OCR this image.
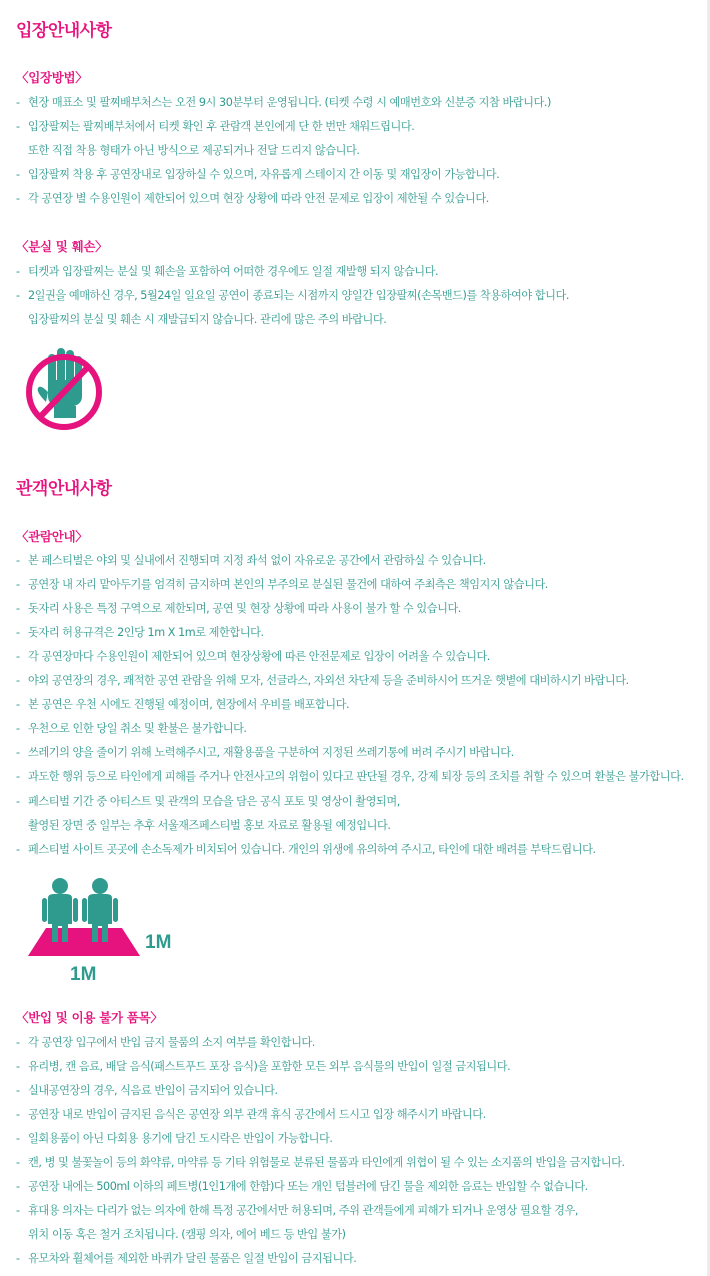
입장안내사항
〈입장방법〉
- 현장 매표소 및 팔찌배부처스는 오전 9시 30분부터 운영됩니다. (티켓 수령 시 예매번호와 신분증 지참 바랍니다.)
- 입장팔찌는 팔찌배부처에서 티켓 확인 후 관람객 본인에게 단 한 번만 채워드립니다.
또한 직접 착용 형태가 아닌 방식으로 제공되거나 전달 드리지 않습니다.
- 입장팔찌 착용 후 공연장내로 입장하실 수 있으며, 자유롭게 스테이지 간 이동 및 재입장이 가능합니다.
- 각 공연장 별 수용인원이 제한되어 있으며 현장 상황에 따라 안전 문제로 입장이 제한될 수 있습니다.
〈분실 및 훼손〉
- 티켓과 입장팔찌는 분실 및 훼손을 포함하여 어떠한 경우에도 일절 재발행 되지 않습니다.
- 2일권을 예매하신 경우, 5월24일 일요일 공연이 종료되는 시점까지 양일간 입장팔찌(손목밴드)를 착용하여야 합니다.
입장팔찌의 분실 및 훼손 시 재발급되지 않습니다. 관리에 많은 주의 바랍니다.
관객안내사항
〈관람안내〉
- 본 페스티벌은 야외 및 실내에서 진행되며 지정 좌석 없이 자유로운 공간에서 관람하실 수 있습니다.
- 공연장 내 자리 맡아두기를 엄격히 금지하며 본인의 부주의로 분실된 물건에 대하여 주최측은 책임지지 않습니다.
- 돗자리 사용은 특정 구역으로 제한되며, 공연 및 현장 상황에 따라 사용이 불가 할 수 있습니다.
- 돗자리 허용규격은 2인당 1m X 1m로 제한합니다.
- 각 공연장마다 수용인원이 제한되어 있으며 현장상황에 따른 안전문제로 입장이 어려울 수 있습니다.
- 야외 공연장의 경우, 쾌적한 공연 관람을 위해 모자, 선글라스, 자외선 차단제 등을 준비하시어 뜨거운 햇볕에 대비하시기 바랍니다.
- 본 공연은 우천 시에도 진행될 예정이며, 현장에서 우비를 배포합니다.
- 우천으로 인한 당일 취소 및 환불은 불가합니다.
- 쓰레기의 양을 줄이기 위해 노력해주시고, 재활용품을 구분하여 지정된 쓰레기통에 버려 주시기 바랍니다.
- 과도한 행위 등으로 타인에게 피해를 주거나 안전사고의 위험이 있다고 판단될 경우, 강제 퇴장 등의 조치를 취할 수 있으며 환불은 불가합니다.
- 페스티벌 기간 중 아티스트 및 관객의 모습을 담은 공식 포토 및 영상이 촬영되며,
촬영된 장면 중 일부는 추후 서울재즈페스티벌 홍보 자료로 활용될 예정입니다.
- 페스티벌 사이트 곳곳에 손소독제가 비치되어 있습니다. 개인의 위생에 유의하여 주시고, 타인에 대한 배려를 부탁드립니다.
1M
1M
〈반입 및 이용 불가 품목〉
- 각 공연장 입구에서 반입 금지 물품의 소지 여부를 확인합니다.
- 유리병, 캔 음료, 배달 음식(패스트푸드 포장 음식)을 포함한 모든 외부 음식물의 반입이 일절 금지됩니다.
- 실내공연장의 경우, 식음료 반입이 금지되어 있습니다.
- 공연장 내로 반입이 금지된 음식은 공연장 외부 관객 휴식 공간에서 드시고 입장 해주시기 바랍니다.
- 일회용품이 아닌 다회용 용기에 담긴 도시락은 반입이 가능합니다.
- 캔, 병 및 불꽃놀이 등의 화약류, 마약류 등 기타 위험물로 분류된 물품과 타인에게 위협이 될 수 있는 소지품의 반입을 금지합니다.
- 공연장 내에는 500ml 이하의 페트병(1인1개에 한함)다 또는 개인 텀블러에 담긴 물을 제외한 음료는 반입할 수 없습니다.
- 휴대용 의자는 다리가 없는 의자에 한해 특정 공간에서만 허용되며, 주위 관객들에게 피해가 되거나 운영상 필요할 경우,
위치 이동 혹은 철거 조치됩니다. (캠핑 의자, 에어 베드 등 반입 불가)
- 유모차와 휠체어를 제외한 바퀴가 달린 물품은 일절 반입이 금지됩니다.
